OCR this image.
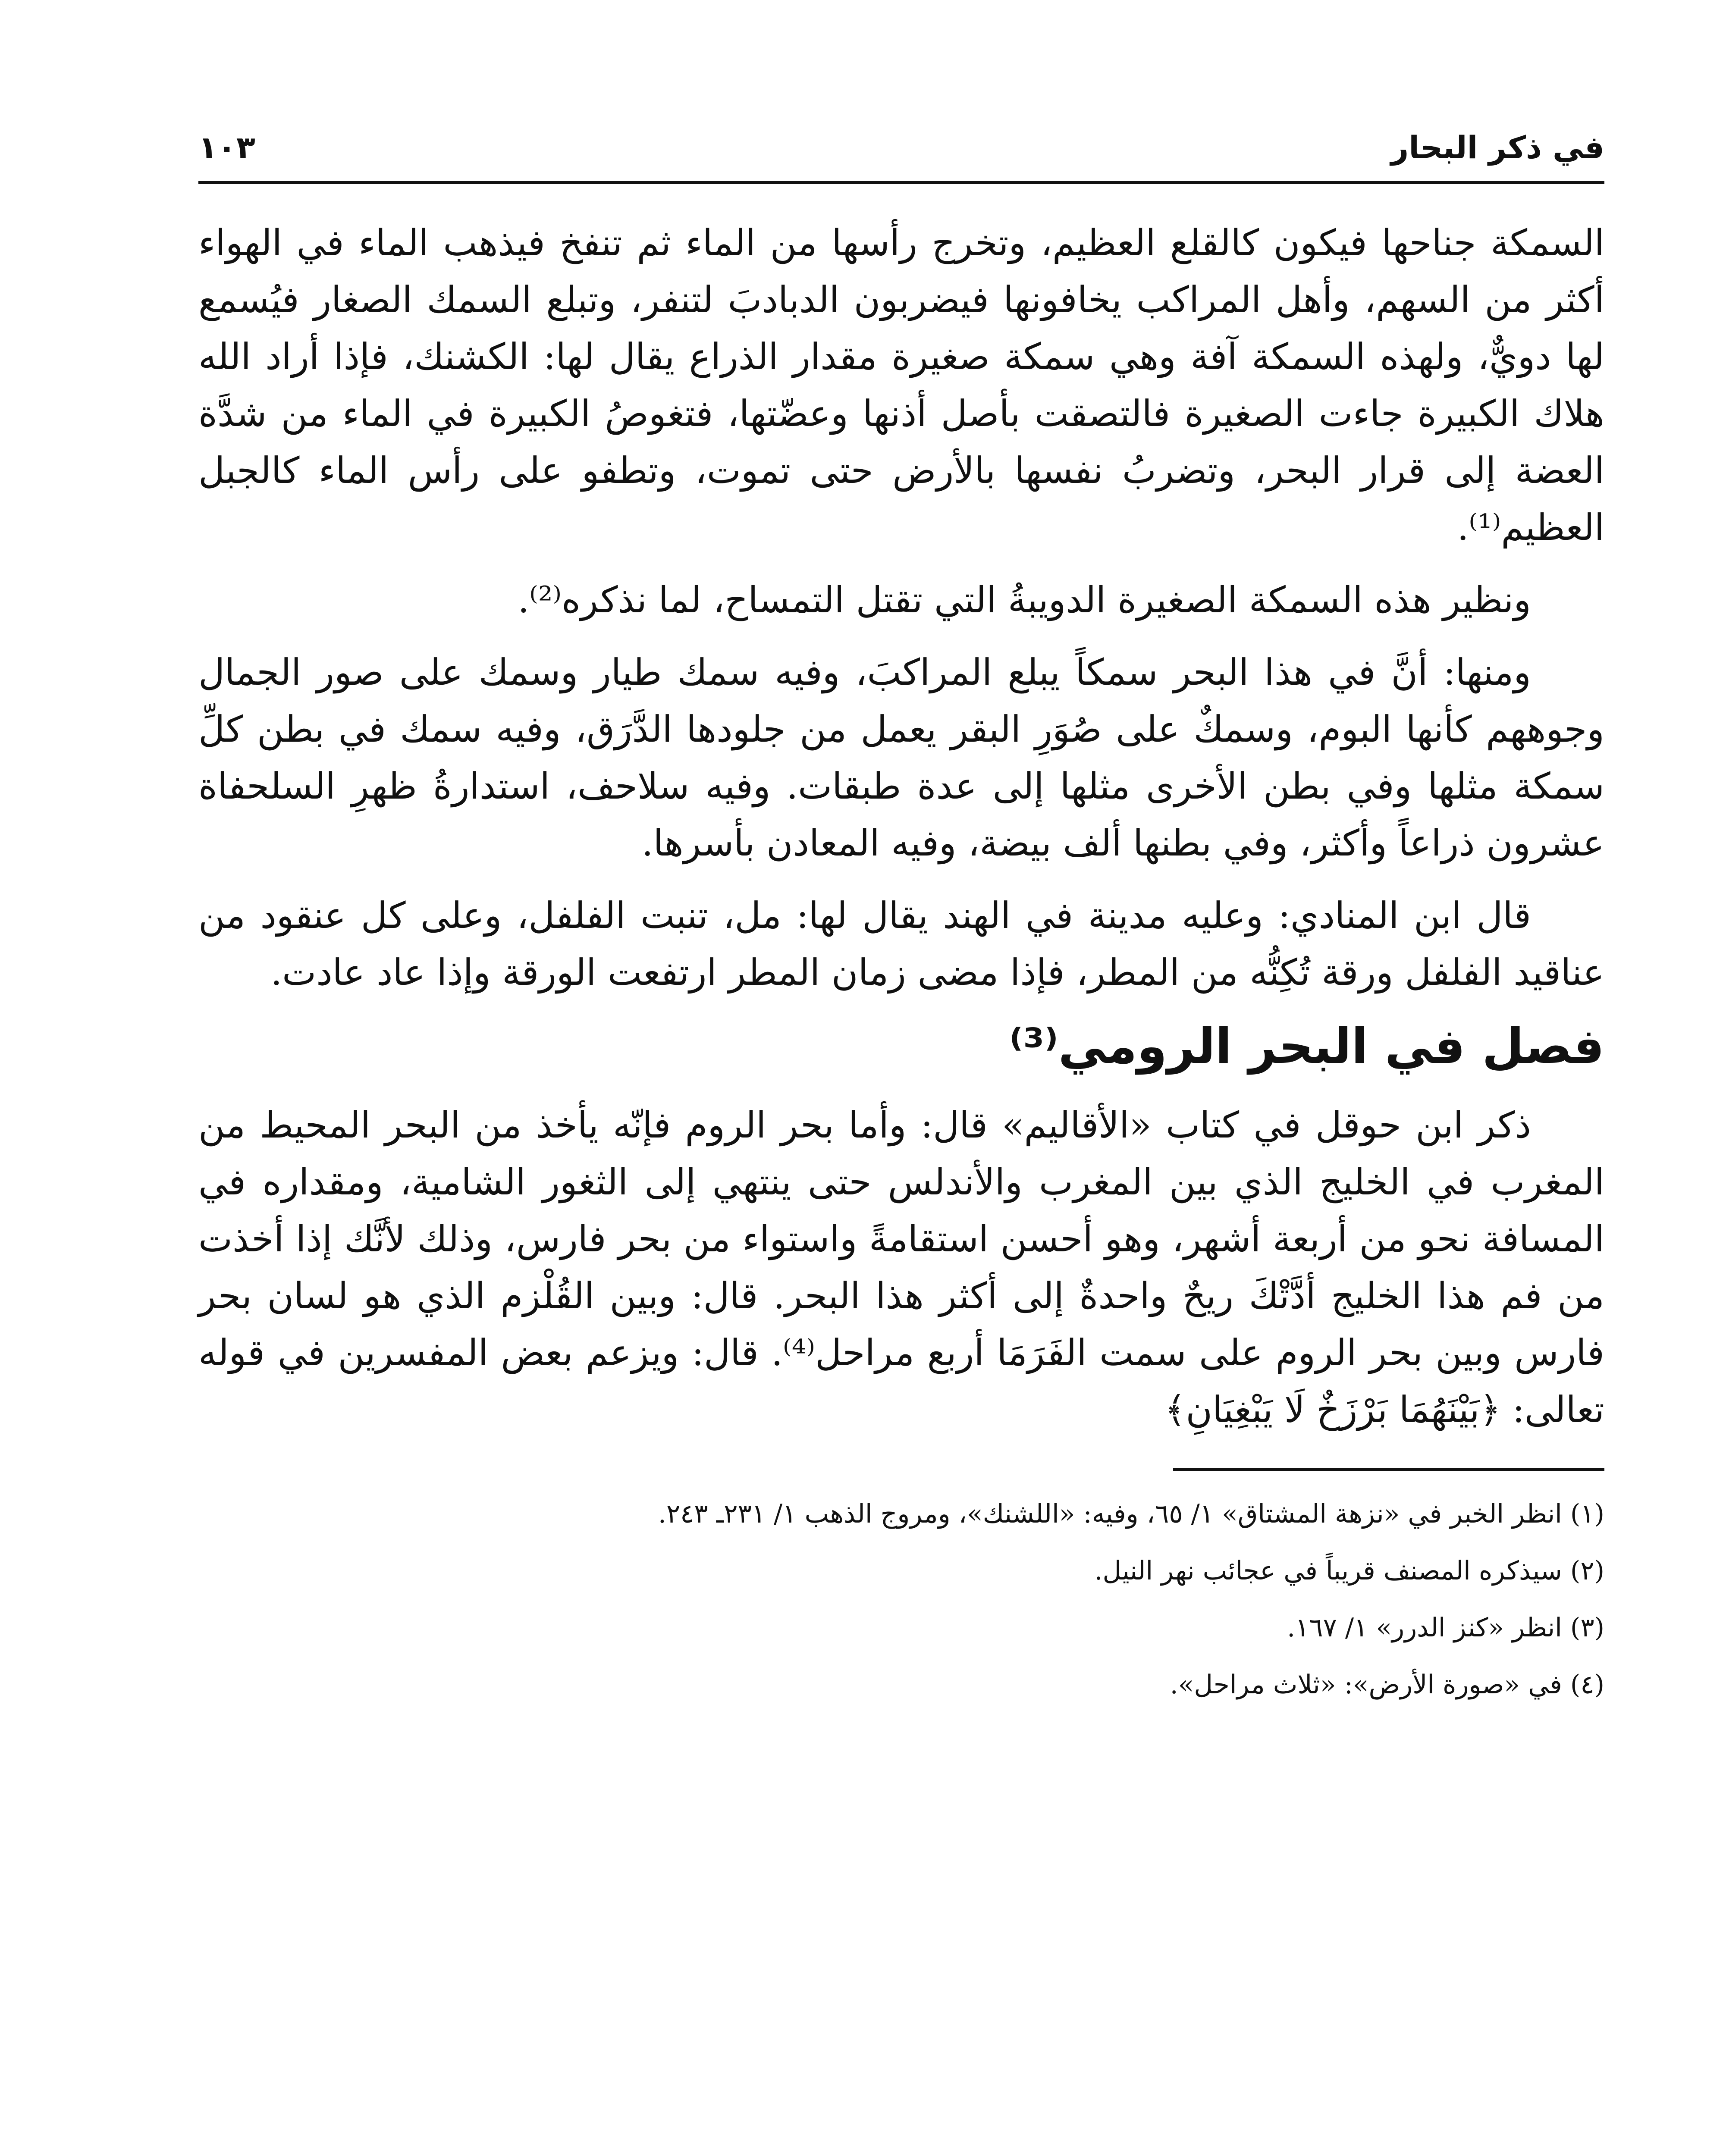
في ذكر البحار
١٠٣

السمكة جناحها فيكون كالقلع العظيم، وتخرج رأسها من الماء ثم تنفخ فيذهب الماء في الهواء أكثر من السهم، وأهل المراكب يخافونها فيضربون الدبادبَ لتنفر، وتبلع السمك الصغار فيُسمع لها دويٌّ، ولهذه السمكة آفة وهي سمكة صغيرة مقدار الذراع يقال لها: الكشنك، فإذا أراد الله هلاك الكبيرة جاءت الصغيرة فالتصقت بأصل أذنها وعضّتها، فتغوصُ الكبيرة في الماء من شدَّة العضة إلى قرار البحر، وتضربُ نفسها بالأرض حتى تموت، وتطفو على رأس الماء كالجبل العظيم⁽¹⁾.

ونظير هذه السمكة الصغيرة الدويبةُ التي تقتل التمساح، لما نذكره⁽²⁾.

ومنها: أنَّ في هذا البحر سمكاً يبلع المراكبَ، وفيه سمك طيار وسمك على صور الجمال وجوههم كأنها البوم، وسمكٌ على صُوَرِ البقر يعمل من جلودها الدَّرَق، وفيه سمك في بطن كلِّ سمكة مثلها وفي بطن الأخرى مثلها إلى عدة طبقات. وفيه سلاحف، استدارةُ ظهرِ السلحفاة عشرون ذراعاً وأكثر، وفي بطنها ألف بيضة، وفيه المعادن بأسرها.

قال ابن المنادي: وعليه مدينة في الهند يقال لها: مل، تنبت الفلفل، وعلى كل عنقود من عناقيد الفلفل ورقة تُكِنُّه من المطر، فإذا مضى زمان المطر ارتفعت الورقة وإذا عاد عادت.

فصل في البحر الرومي⁽³⁾

ذكر ابن حوقل في كتاب «الأقاليم» قال: وأما بحر الروم فإنّه يأخذ من البحر المحيط من المغرب في الخليج الذي بين المغرب والأندلس حتى ينتهي إلى الثغور الشامية، ومقداره في المسافة نحو من أربعة أشهر، وهو أحسن استقامةً واستواء من بحر فارس، وذلك لأنَّك إذا أخذت من فم هذا الخليج أدَّتْكَ ريحٌ واحدةٌ إلى أكثر هذا البحر. قال: وبين القُلْزم الذي هو لسان بحر فارس وبين بحر الروم على سمت الفَرَمَا أربع مراحل⁽⁴⁾. قال: ويزعم بعض المفسرين في قوله تعالى: ﴿بَيْنَهُمَا بَرْزَخٌ لَا يَبْغِيَانِ﴾

(١) انظر الخبر في «نزهة المشتاق» ١/ ٦٥، وفيه: «اللشنك»، ومروج الذهب ١/ ٢٣١ـ ٢٤٣.
(٢) سيذكره المصنف قريباً في عجائب نهر النيل.
(٣) انظر «كنز الدرر» ١/ ١٦٧.
(٤) في «صورة الأرض»: «ثلاث مراحل».
